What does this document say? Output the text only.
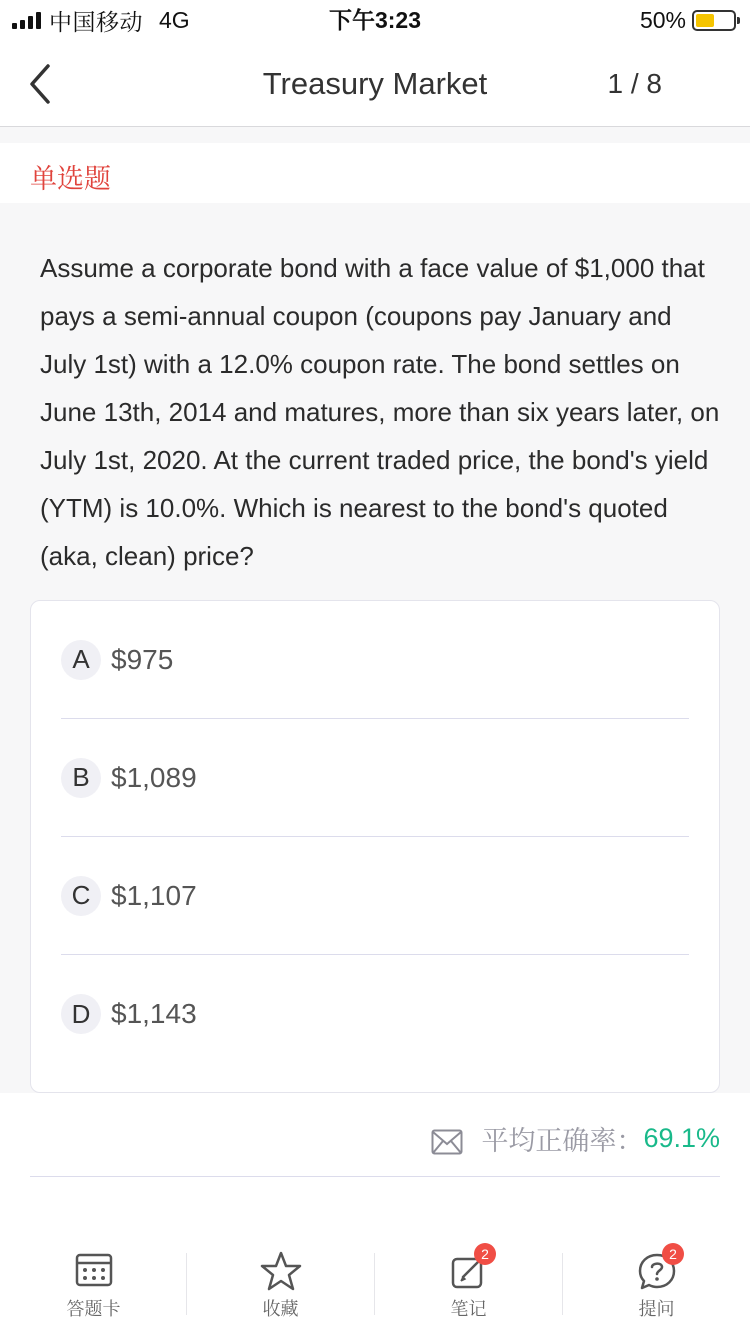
中国移动 4G	下午3:23	50%
Treasury Market	1 / 8
单选题
Assume a corporate bond with a face value of $1,000 that pays a semi-annual coupon (coupons pay January and July 1st) with a 12.0% coupon rate. The bond settles on June 13th, 2014 and matures, more than six years later, on July 1st, 2020. At the current traded price, the bond's yield (YTM) is 10.0%. Which is nearest to the bond's quoted (aka, clean) price?
A $975
B $1,089
C $1,107
D $1,143
平均正确率： 69.1%
答题卡	收藏
2
笔记
2
提问
